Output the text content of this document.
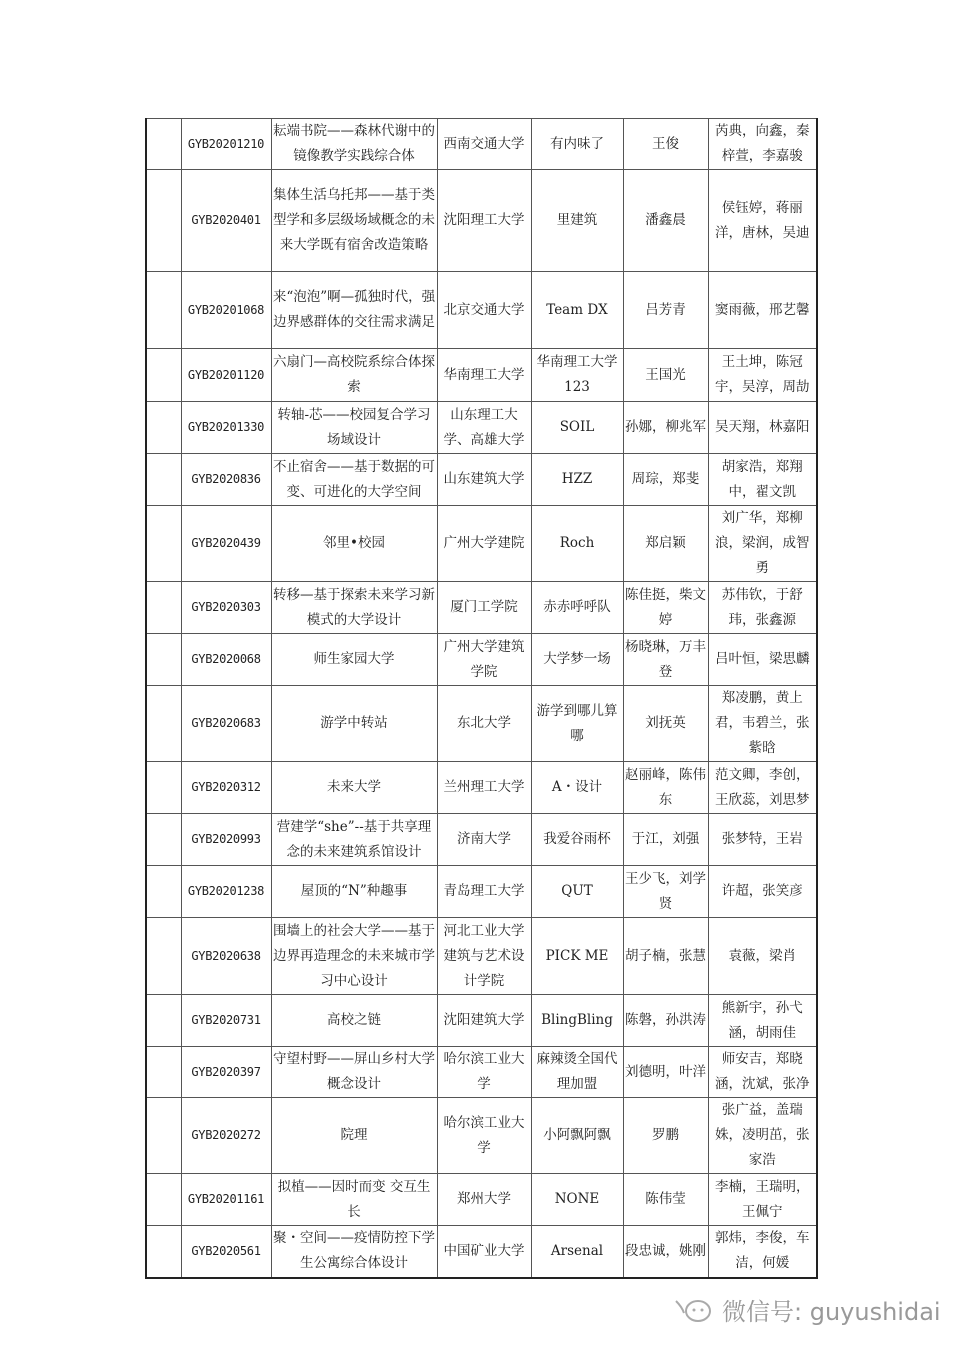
	GYB20201210	耘端书院——森林代谢中的镜像教学实践综合体	西南交通大学	有内味了	王俊	芮典，向鑫，秦梓萱，李嘉骏
	GYB2020401	集体生活乌托邦——基于类型学和多层级场域概念的未来大学既有宿舍改造策略	沈阳理工大学	里建筑	潘鑫晨	侯钰婷，蒋丽洋，唐林，吴迪
	GYB20201068	来“泡泡”啊—孤独时代，强边界感群体的交往需求满足	北京交通大学	Team DX	吕芳青	窦雨薇，邢艺馨
	GYB20201120	六扇门—高校院系综合体探索	华南理工大学	华南理工大学123	王国光	王土坤，陈冠宇，吴淳，周劼
	GYB20201330	转轴-芯——校园复合学习场域设计	山东理工大学、高雄大学	SOIL	孙娜，柳兆军	吴天翔，林嘉阳
	GYB2020836	不止宿舍——基于数据的可变、可进化的大学空间	山东建筑大学	HZZ	周琮，郑斐	胡家浩，郑翔中，翟文凯
	GYB2020439	邻里•校园	广州大学建院	Roch	郑启颖	刘广华，郑柳浪，梁润，成智勇
	GYB2020303	转移—基于探索未来学习新模式的大学设计	厦门工学院	赤赤呼呼队	陈佳挺，柴文婷	苏伟钦，于舒玮，张鑫源
	GYB2020068	师生家园大学	广州大学建筑学院	大学梦一场	杨晓琳，万丰登	吕叶恒，梁思麟
	GYB2020683	游学中转站	东北大学	游学到哪儿算哪	刘抚英	郑凌鹏，黄上君，韦碧兰，张紫晗
	GYB2020312	未来大学	兰州理工大学	A・设计	赵丽峰，陈伟东	范文卿，李创，王欣蕊，刘思梦
	GYB2020993	营建学“she”--基于共享理念的未来建筑系馆设计	济南大学	我爱谷雨杯	于江，刘强	张梦特，王岩
	GYB20201238	屋顶的“N”种趣事	青岛理工大学	QUT	王少飞，刘学贤	许超，张笑彦
	GYB2020638	围墙上的社会大学——基于边界再造理念的未来城市学习中心设计	河北工业大学建筑与艺术设计学院	PICK ME	胡子楠，张慧	袁薇，梁肖
	GYB2020731	高校之链	沈阳建筑大学	BlingBling	陈磐，孙洪涛	熊新宇，孙弋涵，胡雨佳
	GYB2020397	守望村野——屏山乡村大学概念设计	哈尔滨工业大学	麻辣烫全国代理加盟	刘德明，叶洋	师安吉，郑晓涵，沈斌，张净
	GYB2020272	院理	哈尔滨工业大学	小阿飘阿飘	罗鹏	张广益，盖瑞姝，凌明茁，张家浩
	GYB20201161	拟植——因时而变 交互生长	郑州大学	NONE	陈伟莹	李楠，王瑞明，王佩宁
	GYB2020561	聚・空间——疫情防控下学生公寓综合体设计	中国矿业大学	Arsenal	段忠诚，姚刚	郭炜，李俊，车洁，何媛
微信号: guyushidai
